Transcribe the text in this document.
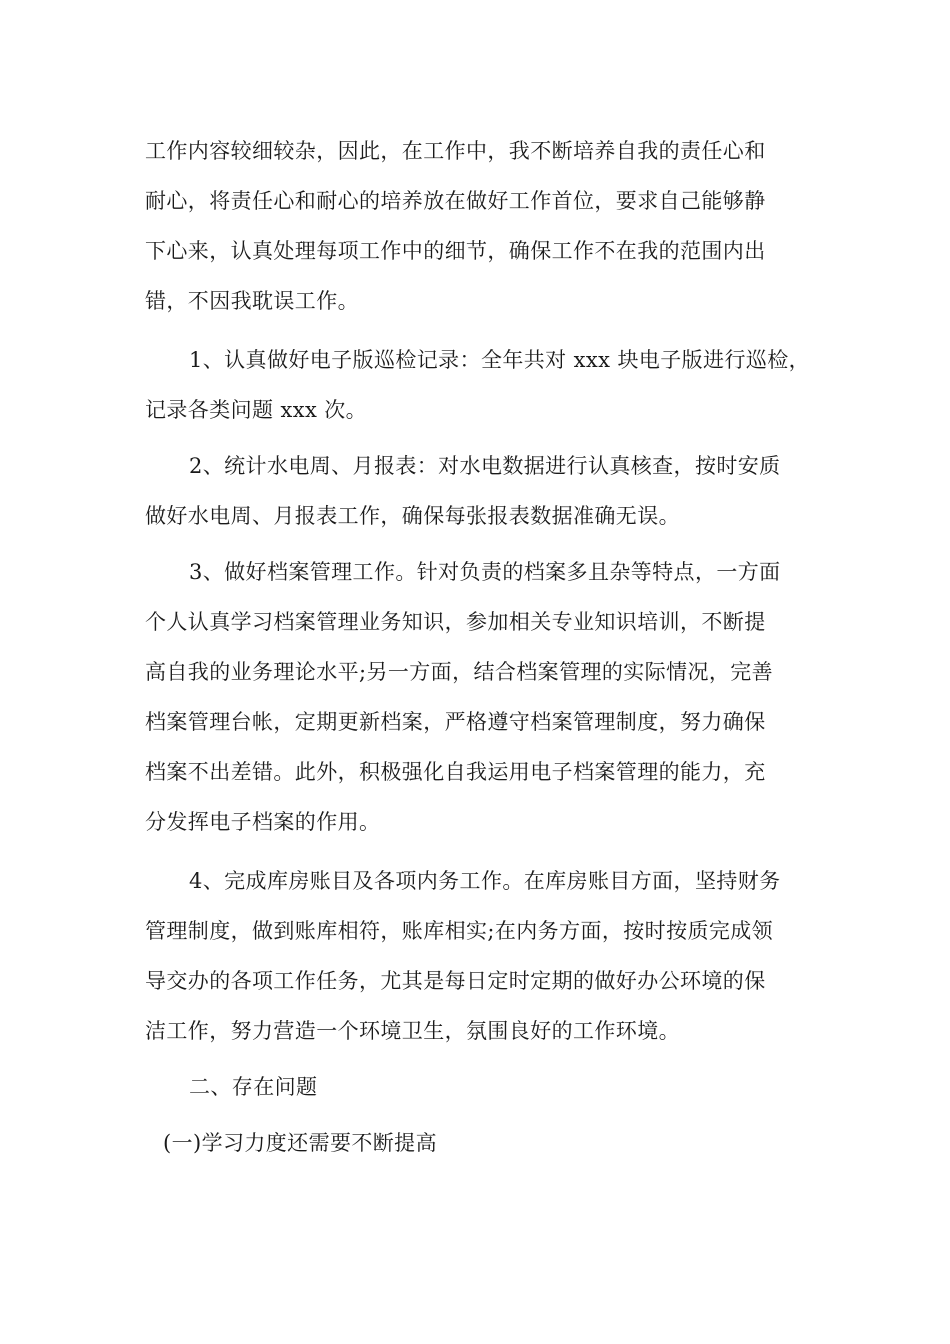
工作内容较细较杂，因此，在工作中，我不断培养自我的责任心和
耐心，将责任心和耐心的培养放在做好工作首位，要求自己能够静
下心来，认真处理每项工作中的细节，确保工作不在我的范围内出
错，不因我耽误工作。
1、认真做好电子版巡检记录：全年共对 xxx 块电子版进行巡检，
记录各类问题 xxx 次。
2、统计水电周、月报表：对水电数据进行认真核查，按时安质
做好水电周、月报表工作，确保每张报表数据准确无误。
3、做好档案管理工作。针对负责的档案多且杂等特点，一方面
个人认真学习档案管理业务知识，参加相关专业知识培训，不断提
高自我的业务理论水平;另一方面，结合档案管理的实际情况，完善
档案管理台帐，定期更新档案，严格遵守档案管理制度，努力确保
档案不出差错。此外，积极强化自我运用电子档案管理的能力，充
分发挥电子档案的作用。
4、完成库房账目及各项内务工作。在库房账目方面，坚持财务
管理制度，做到账库相符，账库相实;在内务方面，按时按质完成领
导交办的各项工作任务，尤其是每日定时定期的做好办公环境的保
洁工作，努力营造一个环境卫生，氛围良好的工作环境。
二、存在问题
(一)学习力度还需要不断提高
